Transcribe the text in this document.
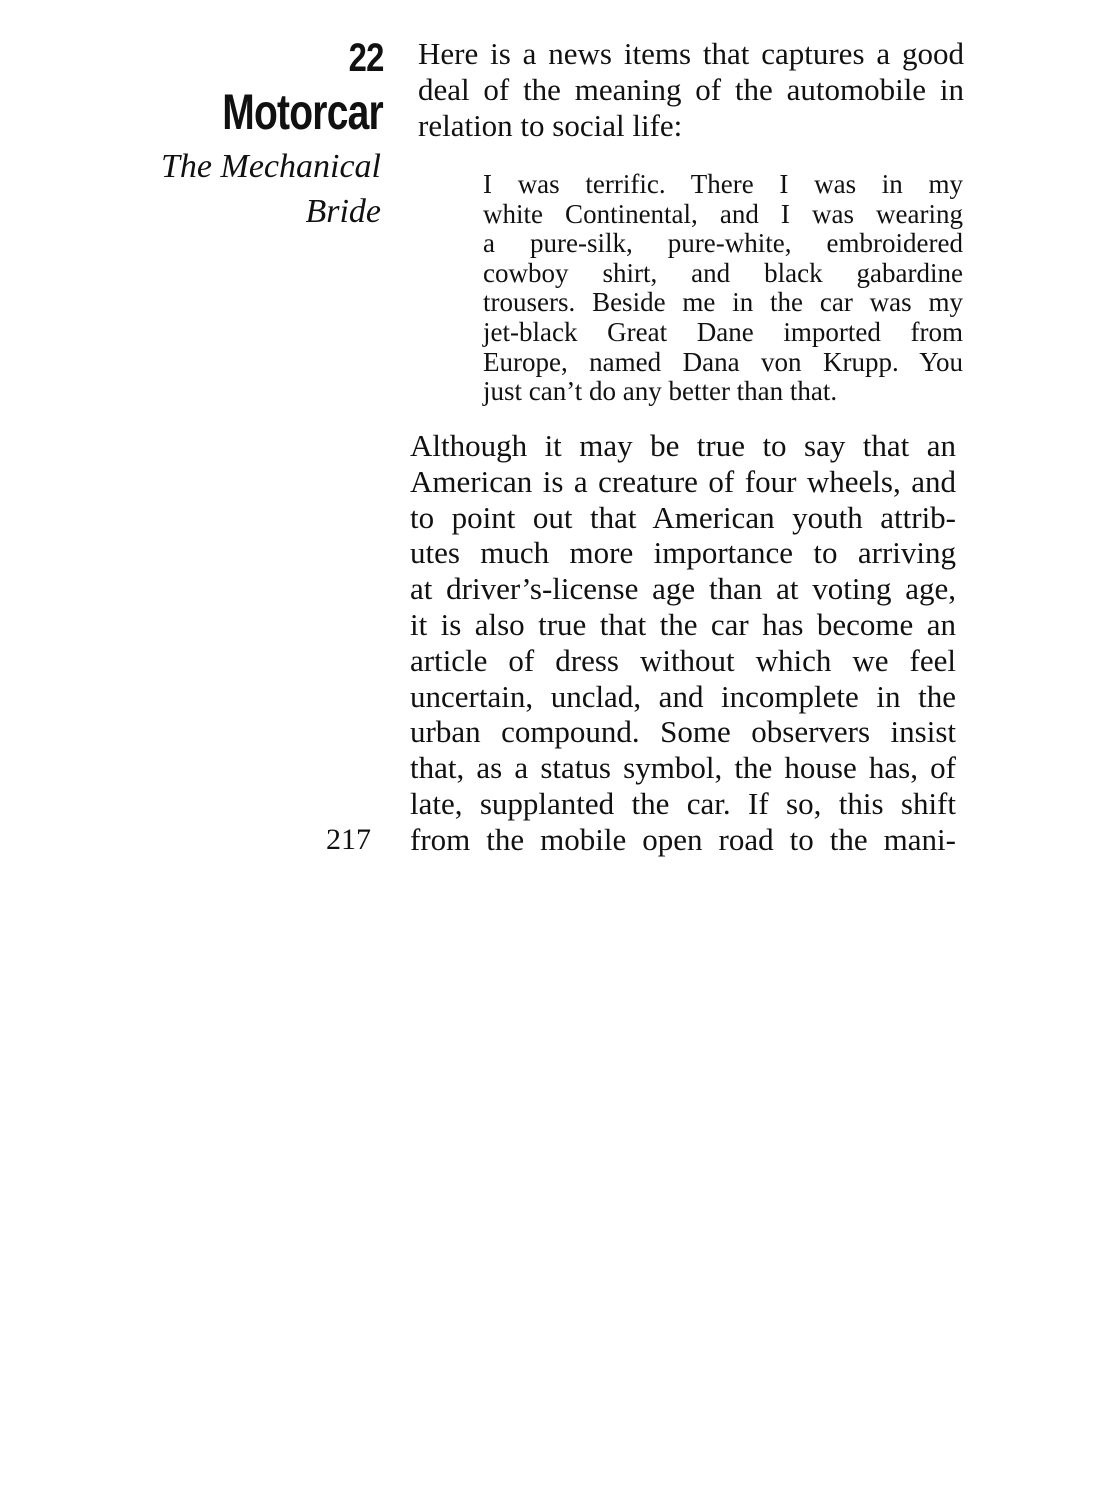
22
Motorcar
The Mechanical
Bride

Here is a news items that captures a good
deal of the meaning of the automobile in
relation to social life:

I was terrific. There I was in my
white Continental, and I was wearing
a pure-silk, pure-white, embroidered
cowboy shirt, and black gabardine
trousers. Beside me in the car was my
jet-black Great Dane imported from
Europe, named Dana von Krupp. You
just can’t do any better than that.

Although it may be true to say that an
American is a creature of four wheels, and
to point out that American youth attrib-
utes much more importance to arriving
at driver’s-license age than at voting age,
it is also true that the car has become an
article of dress without which we feel
uncertain, unclad, and incomplete in the
urban compound. Some observers insist
that, as a status symbol, the house has, of
late, supplanted the car. If so, this shift
from the mobile open road to the mani-

217
